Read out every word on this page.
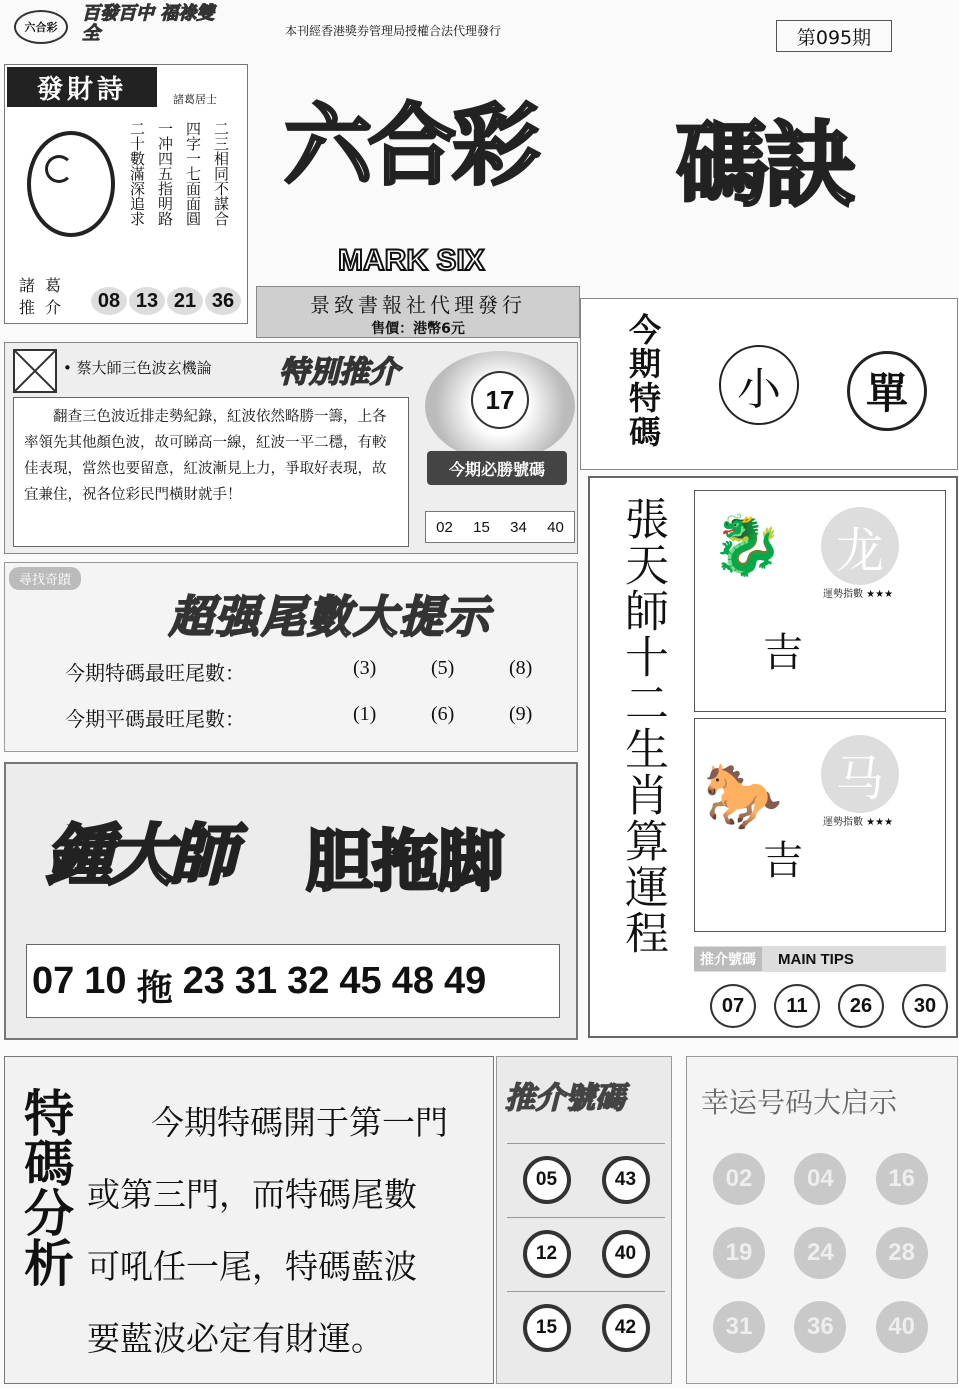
六合彩
百發百中 福祿雙全	本刊經香港獎券管理局授權合法代理發行	第095期
發財詩	諸葛居士
二三相同不謀合
四字一七面面圓
一冲四五指明路
二十數滿深追求
諸葛推介	08 13 21 36
六合彩 碼訣
MARK SIX
景致書報社代理發行
售價：港幣6元	今期特碼
小	單
• 蔡大師三色波玄機論 特別推介
翻查三色波近排走勢紀錄，紅波依然略勝一籌，上各率領先其他顏色波，故可睇高一線，紅波一平二穩，有較佳表現，當然也要留意，紅波漸見上力，爭取好表現，故宜兼住，祝各位彩民門橫財就手！
17
今期必勝號碼
02 15 34 40
尋找奇蹟
超强尾數大提示
今期特碼最旺尾數：	(3)	(5)	(8)
今期平碼最旺尾數：	(1)	(6)	(9)
鍾大師 胆拖脚
07 10 拖 23 31 32 45 48 49
張天師十二生肖算運程 🐉	龙
運勢指數 ★★★
吉
🐎	马
運勢指數 ★★★
吉
推介號碼	MAIN TIPS
07	11	26	30
特碼分析	今期特碼開于第一門
或第三門，而特碼尾數
可吼任一尾，特碼藍波
要藍波必定有財運。
推介號碼
05	43
12	40
15	42
幸运号码大启示
02	04	16
19	24	28
31	36	40
